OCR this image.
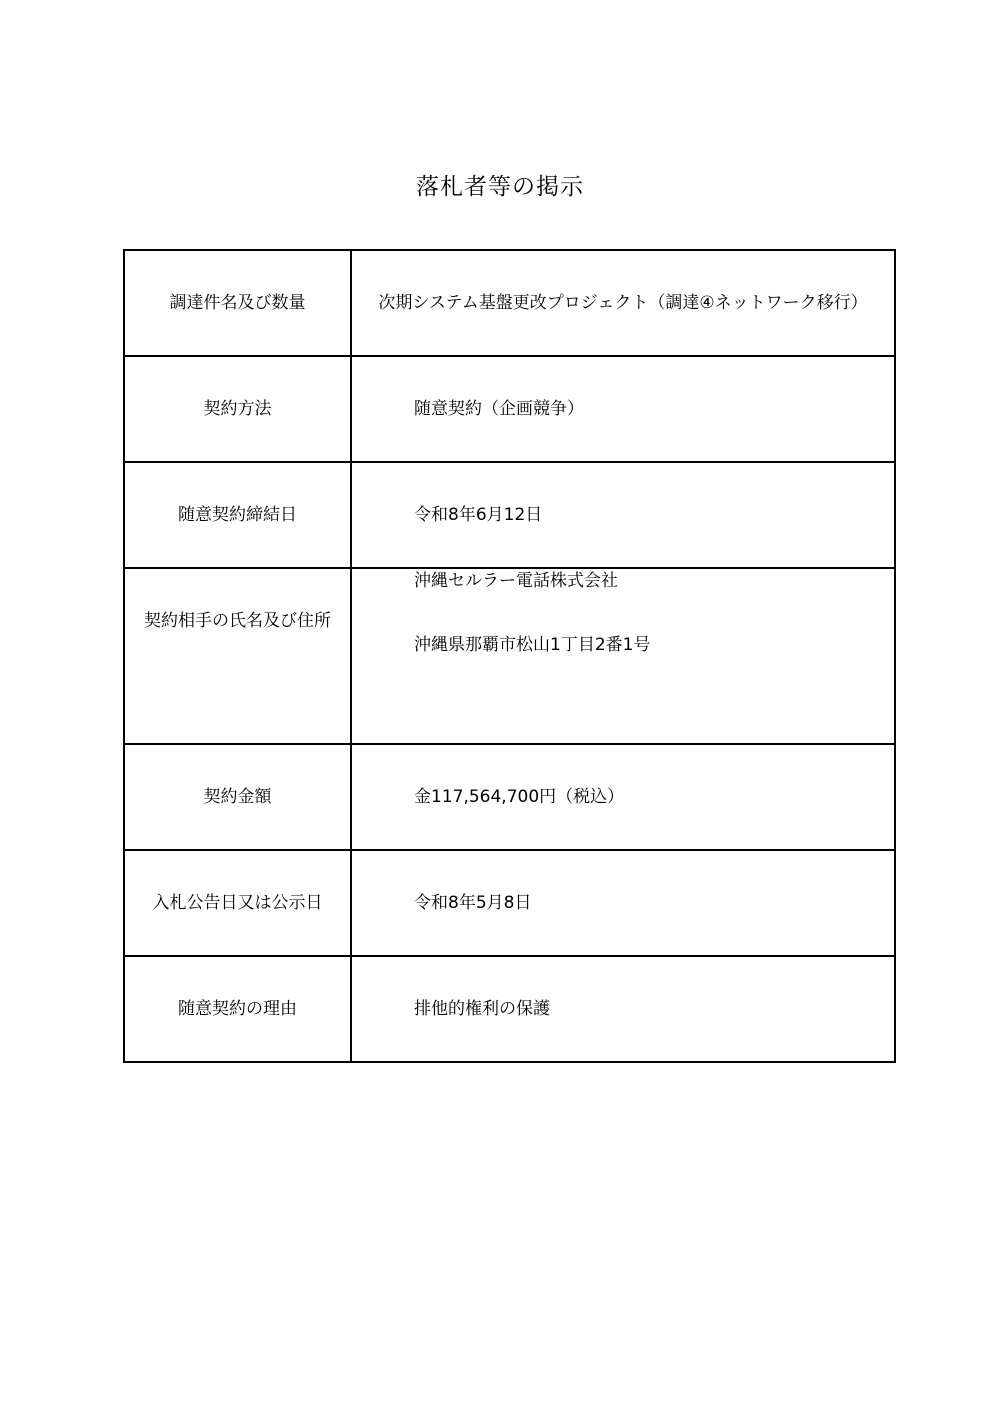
落札者等の掲示
調達件名及び数量	次期システム基盤更改プロジェクト（調達④ネットワーク移行）
契約方法	随意契約（企画競争）
随意契約締結日	令和8年6月12日
契約相手の氏名及び住所	沖縄セルラー電話株式会社
沖縄県那覇市松山1丁目2番1号

契約金額	金117,564,700円（税込）
入札公告日又は公示日	令和8年5月8日
随意契約の理由	排他的権利の保護
